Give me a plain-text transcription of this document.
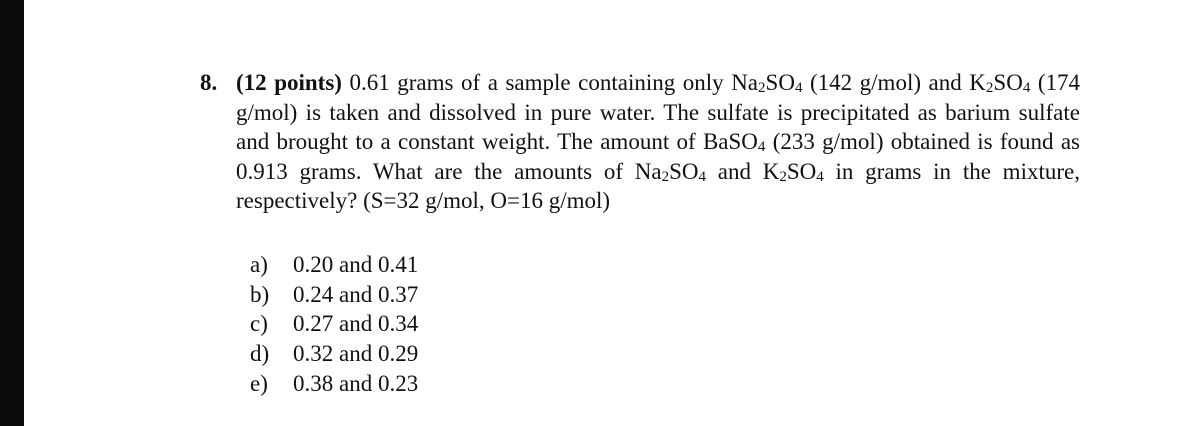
8. (12 points) 0.61 grams of a sample containing only $Na_2SO_4$ (142 g/mol) and $K_2SO_4$ (174 g/mol) is taken and dissolved in pure water. The sulfate is precipitated as barium sulfate and brought to a constant weight. The amount of BaSO$_4$ (233 g/mol) obtained is found as 0.913 grams. What are the amounts of $Na_2SO_4$ and $K_2SO_4$ in grams in the mixture, respectively? (S=32 g/mol, O=16 g/mol)
a)	0.20 and 0.41
b)	0.24 and 0.37
c)	0.27 and 0.34
d)	0.32 and 0.29
e)	0.38 and 0.23
